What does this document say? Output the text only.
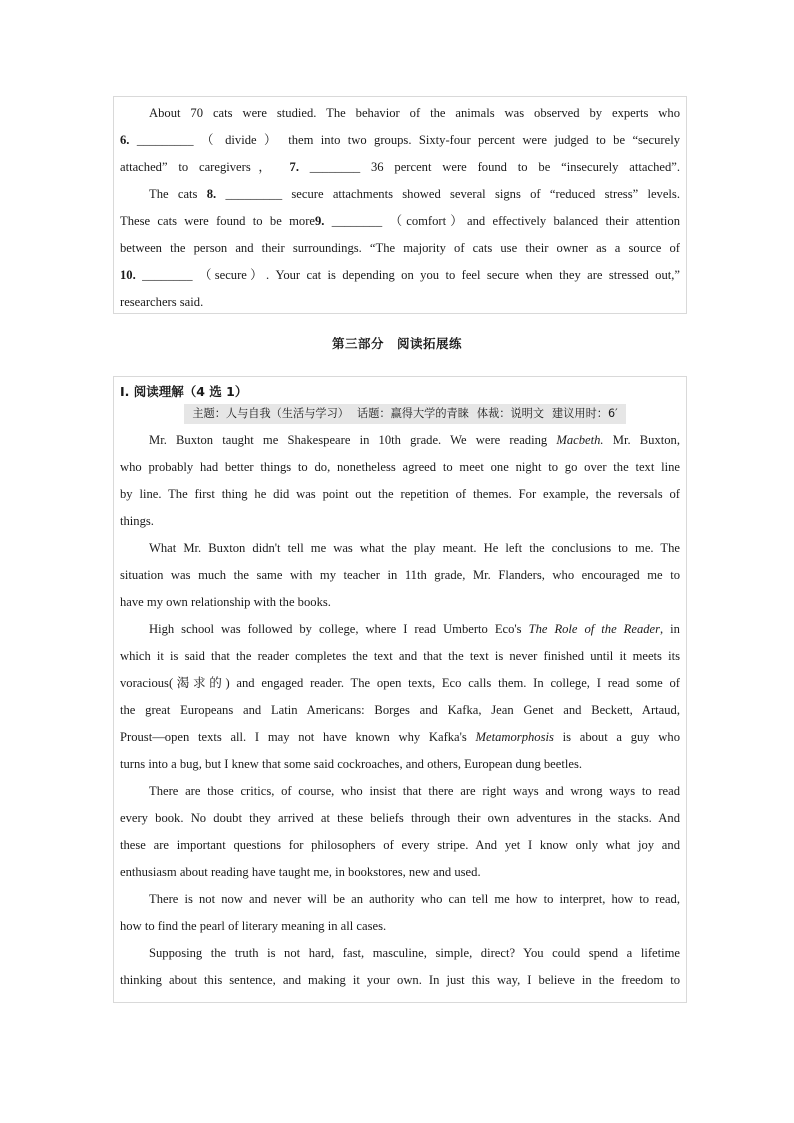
About 70 cats were studied. The behavior of the animals was observed by experts who

6. _________ （ divide ） them into two groups. Sixty-four percent were judged to be “securely

attached” to caregivers， 7. ________ 36 percent were found to be “insecurely attached”.

The cats 8. _________ secure attachments showed several signs of “reduced stress” levels.

These cats were found to be more9. ________ （comfort）and effectively balanced their attention

between the person and their surroundings. “The majority of cats use their owner as a source of

10. ________ （secure）. Your cat is depending on you to feel secure when they are stressed out,”

researchers said.

第三部分　阅读拓展练

Ⅰ. 阅读理解（4 选 1）

主题：人与自我（生活与学习） 话题：赢得大学的青睐 体裁：说明文 建议用时：6′

Mr. Buxton taught me Shakespeare in 10th grade. We were reading Macbeth. Mr. Buxton,

who probably had better things to do, nonetheless agreed to meet one night to go over the text line

by line. The first thing he did was point out the repetition of themes. For example, the reversals of

things.

What Mr. Buxton didn't tell me was what the play meant. He left the conclusions to me. The

situation was much the same with my teacher in 11th grade, Mr. Flanders, who encouraged me to

have my own relationship with the books.

High school was followed by college, where I read Umberto Eco's The Role of the Reader, in

which it is said that the reader completes the text and that the text is never finished until it meets its

voracious(渴求的) and engaged reader. The open texts, Eco calls them. In college, I read some of

the great Europeans and Latin Americans: Borges and Kafka, Jean Genet and Beckett, Artaud,

Proust—open texts all. I may not have known why Kafka's Metamorphosis is about a guy who

turns into a bug, but I knew that some said cockroaches, and others, European dung beetles.

There are those critics, of course, who insist that there are right ways and wrong ways to read

every book. No doubt they arrived at these beliefs through their own adventures in the stacks. And

these are important questions for philosophers of every stripe. And yet I know only what joy and

enthusiasm about reading have taught me, in bookstores, new and used.

There is not now and never will be an authority who can tell me how to interpret, how to read,

how to find the pearl of literary meaning in all cases.

Supposing the truth is not hard, fast, masculine, simple, direct? You could spend a lifetime

thinking about this sentence, and making it your own. In just this way, I believe in the freedom to
